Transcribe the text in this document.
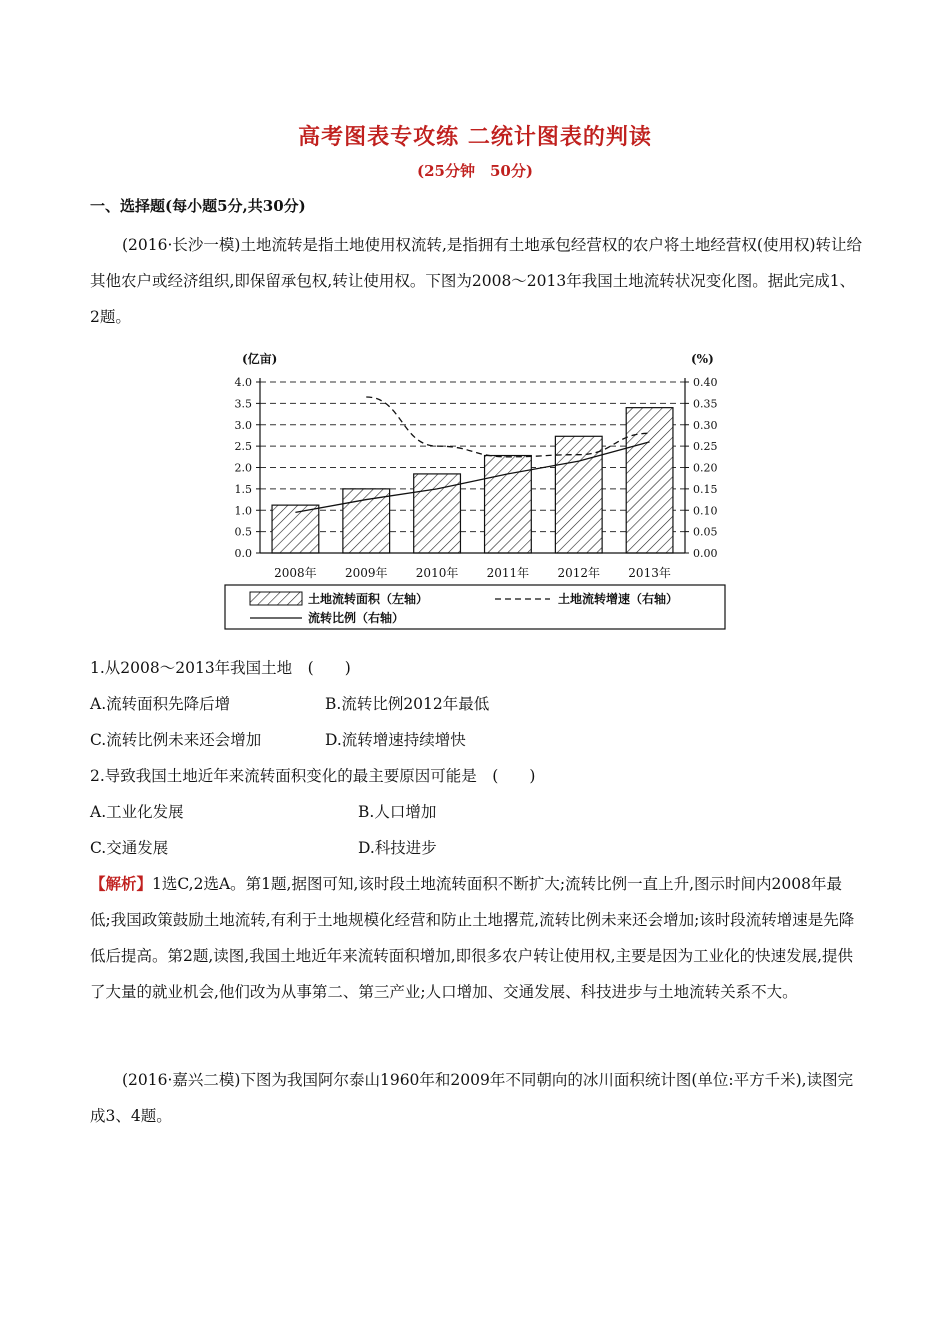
高考图表专攻练 二统计图表的判读
(25分钟　50分)
一、选择题(每小题5分,共30分)

(2016·长沙一模)土地流转是指土地使用权流转,是指拥有土地承包经营权的农户将土地经营权(使用权)转让给其他农户或经济组织,即保留承包权,转让使用权。下图为2008～2013年我国土地流转状况变化图。据此完成1、2题。

0.0
0.5
1.0
1.5
2.0
2.5
3.0
3.5
4.0
0.00
0.05
0.10
0.15
0.20
0.25
0.30
0.35
0.40
(亿亩)	(%)
2008年 2009年 2010年 2011年 2012年 2013年
土地流转面积（左轴）	土地流转增速（右轴）
流转比例（右轴）
1.从2008～2013年我国土地　(　　)
A.流转面积先降后增	B.流转比例2012年最低
C.流转比例未来还会增加	D.流转增速持续增快
2.导致我国土地近年来流转面积变化的最主要原因可能是　(　　)
A.工业化发展	B.人口增加
C.交通发展	D.科技进步

【解析】1选C,2选A。第1题,据图可知,该时段土地流转面积不断扩大;流转比例一直上升,图示时间内2008年最低;我国政策鼓励土地流转,有利于土地规模化经营和防止土地撂荒,流转比例未来还会增加;该时段流转增速是先降低后提高。第2题,读图,我国土地近年来流转面积增加,即很多农户转让使用权,主要是因为工业化的快速发展,提供了大量的就业机会,他们改为从事第二、第三产业;人口增加、交通发展、科技进步与土地流转关系不大。

(2016·嘉兴二模)下图为我国阿尔泰山1960年和2009年不同朝向的冰川面积统计图(单位:平方千米),读图完成3、4题。
